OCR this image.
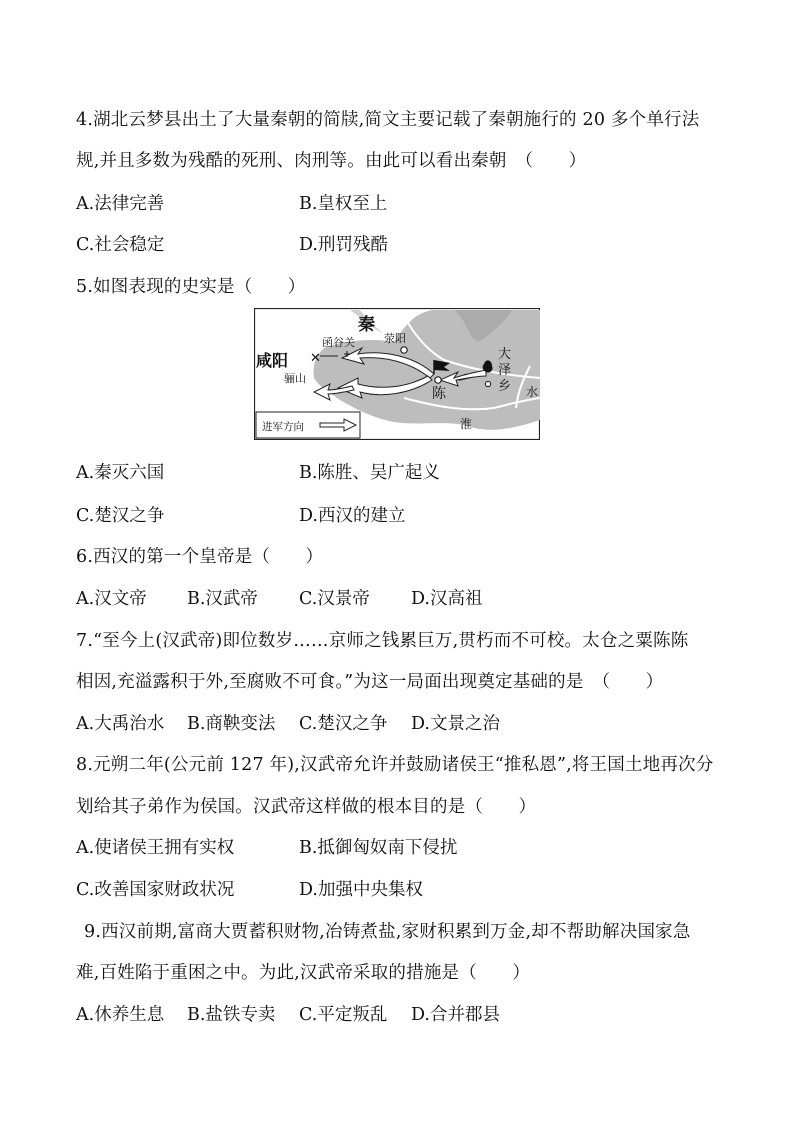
4.湖北云梦县出土了大量秦朝的简牍,简文主要记载了秦朝施行的 20 多个单行法
规,并且多数为残酷的死刑、肉刑等。由此可以看出秦朝　（　　）
A.法律完善	B.皇权至上
C.社会稳定	D.刑罚残酷
5.如图表现的史实是（　　）
✕
秦
函谷关	荥阳
咸阳
骊山
陈
大
泽
乡 水
淮
进军方向
A.秦灭六国	B.陈胜、吴广起义
C.楚汉之争	D.西汉的建立
6.西汉的第一个皇帝是（　　）
A.汉文帝 B.汉武帝 C.汉景帝 D.汉高祖
7.“至今上(汉武帝)即位数岁……京师之钱累巨万,贯朽而不可校。太仓之粟陈陈
相因,充溢露积于外,至腐败不可食。”为这一局面出现奠定基础的是　（　　）
A.大禹治水 B.商鞅变法 C.楚汉之争 D.文景之治
8.元朔二年(公元前 127 年),汉武帝允许并鼓励诸侯王“推私恩”,将王国土地再次分
划给其子弟作为侯国。汉武帝这样做的根本目的是（　　）
A.使诸侯王拥有实权	B.抵御匈奴南下侵扰
C.改善国家财政状况	D.加强中央集权
9.西汉前期,富商大贾蓄积财物,冶铸煮盐,家财积累到万金,却不帮助解决国家急
难,百姓陷于重困之中。为此,汉武帝采取的措施是（　　）
A.休养生息 B.盐铁专卖 C.平定叛乱 D.合并郡县
